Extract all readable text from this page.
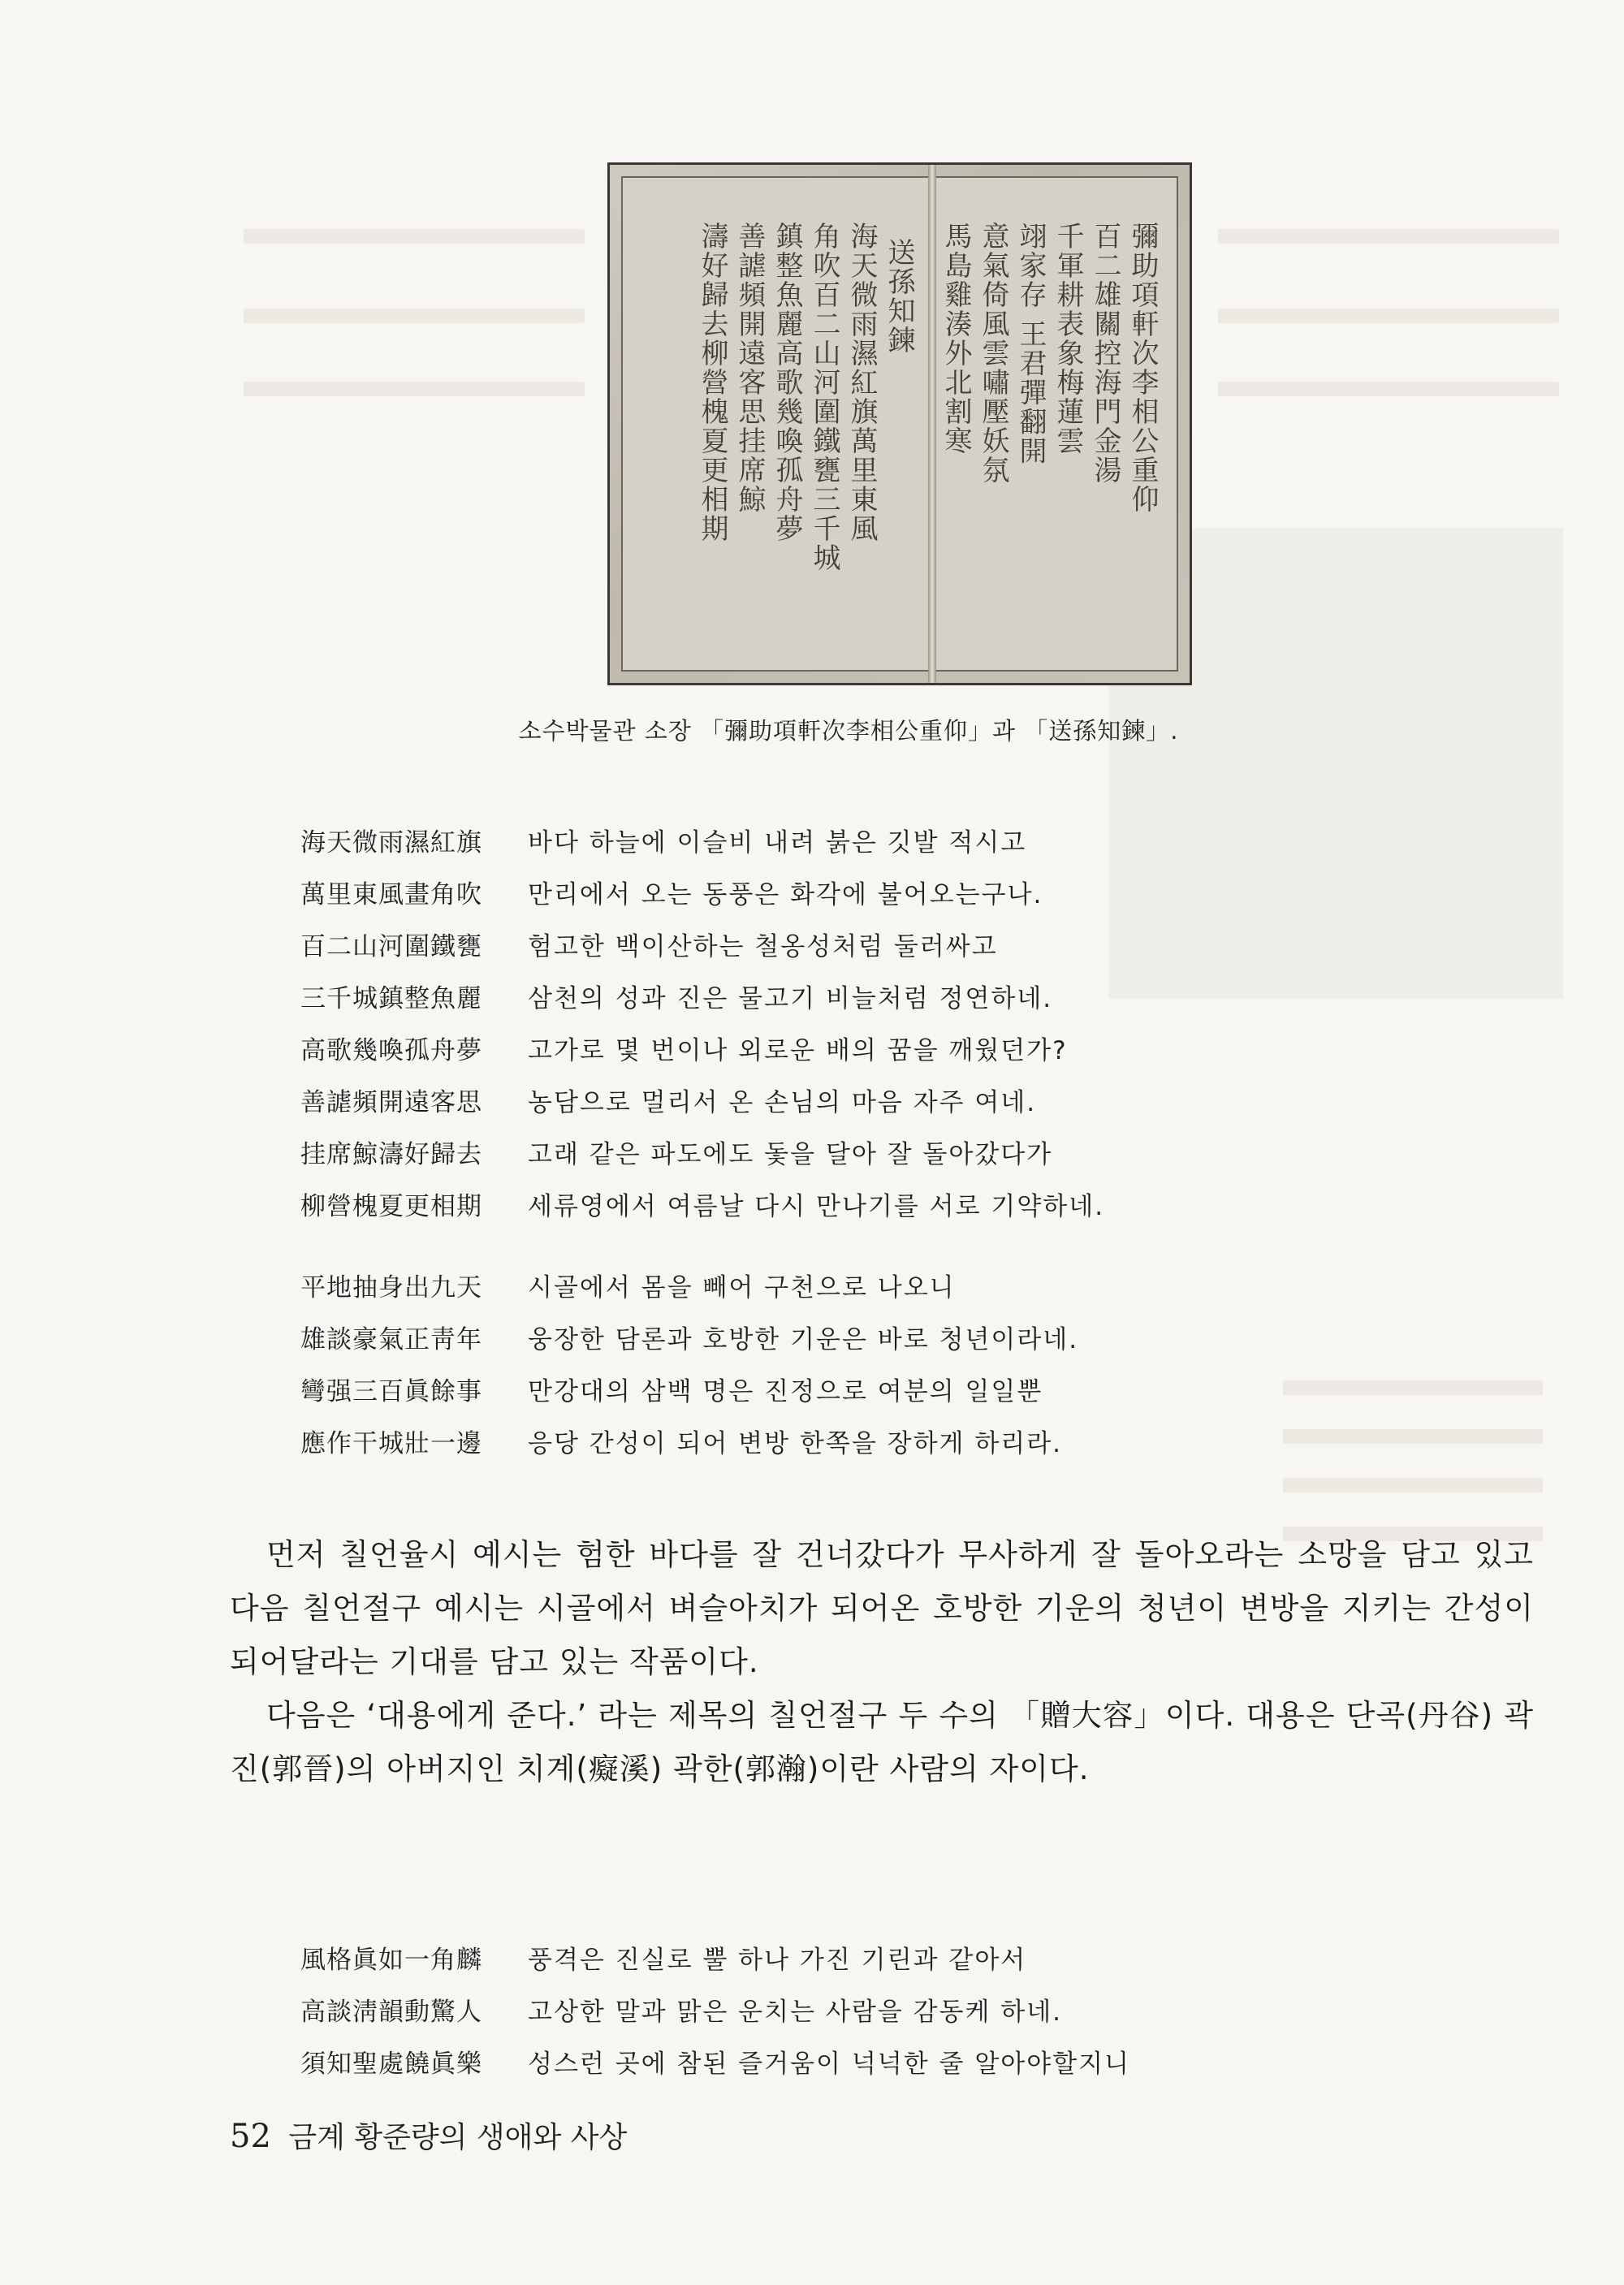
彌助項軒次李相公重仰
百二雄關控海門金湯
千軍耕表象梅蓮雲
翊家存 王君彈翻開
意氣倚風雲嘯壓妖氛
馬島雞湊外北割寒
送孫知鍊
海天微雨濕紅旗萬里東風
角吹百二山河圍鐵甕三千城
鎮整魚麗高歌幾喚孤舟夢
善謔頻開遠客思挂席鯨
濤好歸去柳營槐夏更相期
소수박물관 소장 「彌助項軒次李相公重仰」과 「送孫知鍊」.
海天微雨濕紅旗	바다 하늘에 이슬비 내려 붉은 깃발 적시고
萬里東風畫角吹	만리에서 오는 동풍은 화각에 불어오는구나.
百二山河圍鐵甕	험고한 백이산하는 철옹성처럼 둘러싸고
三千城鎮整魚麗	삼천의 성과 진은 물고기 비늘처럼 정연하네.
高歌幾喚孤舟夢	고가로 몇 번이나 외로운 배의 꿈을 깨웠던가?
善謔頻開遠客思	농담으로 멀리서 온 손님의 마음 자주 여네.
挂席鯨濤好歸去	고래 같은 파도에도 돛을 달아 잘 돌아갔다가
柳營槐夏更相期	세류영에서 여름날 다시 만나기를 서로 기약하네.
平地抽身出九天	시골에서 몸을 빼어 구천으로 나오니
雄談豪氣正靑年	웅장한 담론과 호방한 기운은 바로 청년이라네.
彎强三百眞餘事	만강대의 삼백 명은 진정으로 여분의 일일뿐
應作干城壯一邊	응당 간성이 되어 변방 한쪽을 장하게 하리라.

먼저 칠언율시 예시는 험한 바다를 잘 건너갔다가 무사하게 잘 돌아오라는 소망을 담고 있고 다음 칠언절구 예시는 시골에서 벼슬아치가 되어온 호방한 기운의 청년이 변방을 지키는 간성이 되어달라는 기대를 담고 있는 작품이다.

다음은 ‘대용에게 준다.’ 라는 제목의 칠언절구 두 수의 「贈大容」이다. 대용은 단곡(丹谷) 곽진(郭晉)의 아버지인 치계(癡溪) 곽한(郭瀚)이란 사람의 자이다.

風格眞如一角麟	풍격은 진실로 뿔 하나 가진 기린과 같아서
高談淸韻動驚人	고상한 말과 맑은 운치는 사람을 감동케 하네.
須知聖處饒眞樂	성스런 곳에 참된 즐거움이 넉넉한 줄 알아야할지니
52 금계 황준량의 생애와 사상
